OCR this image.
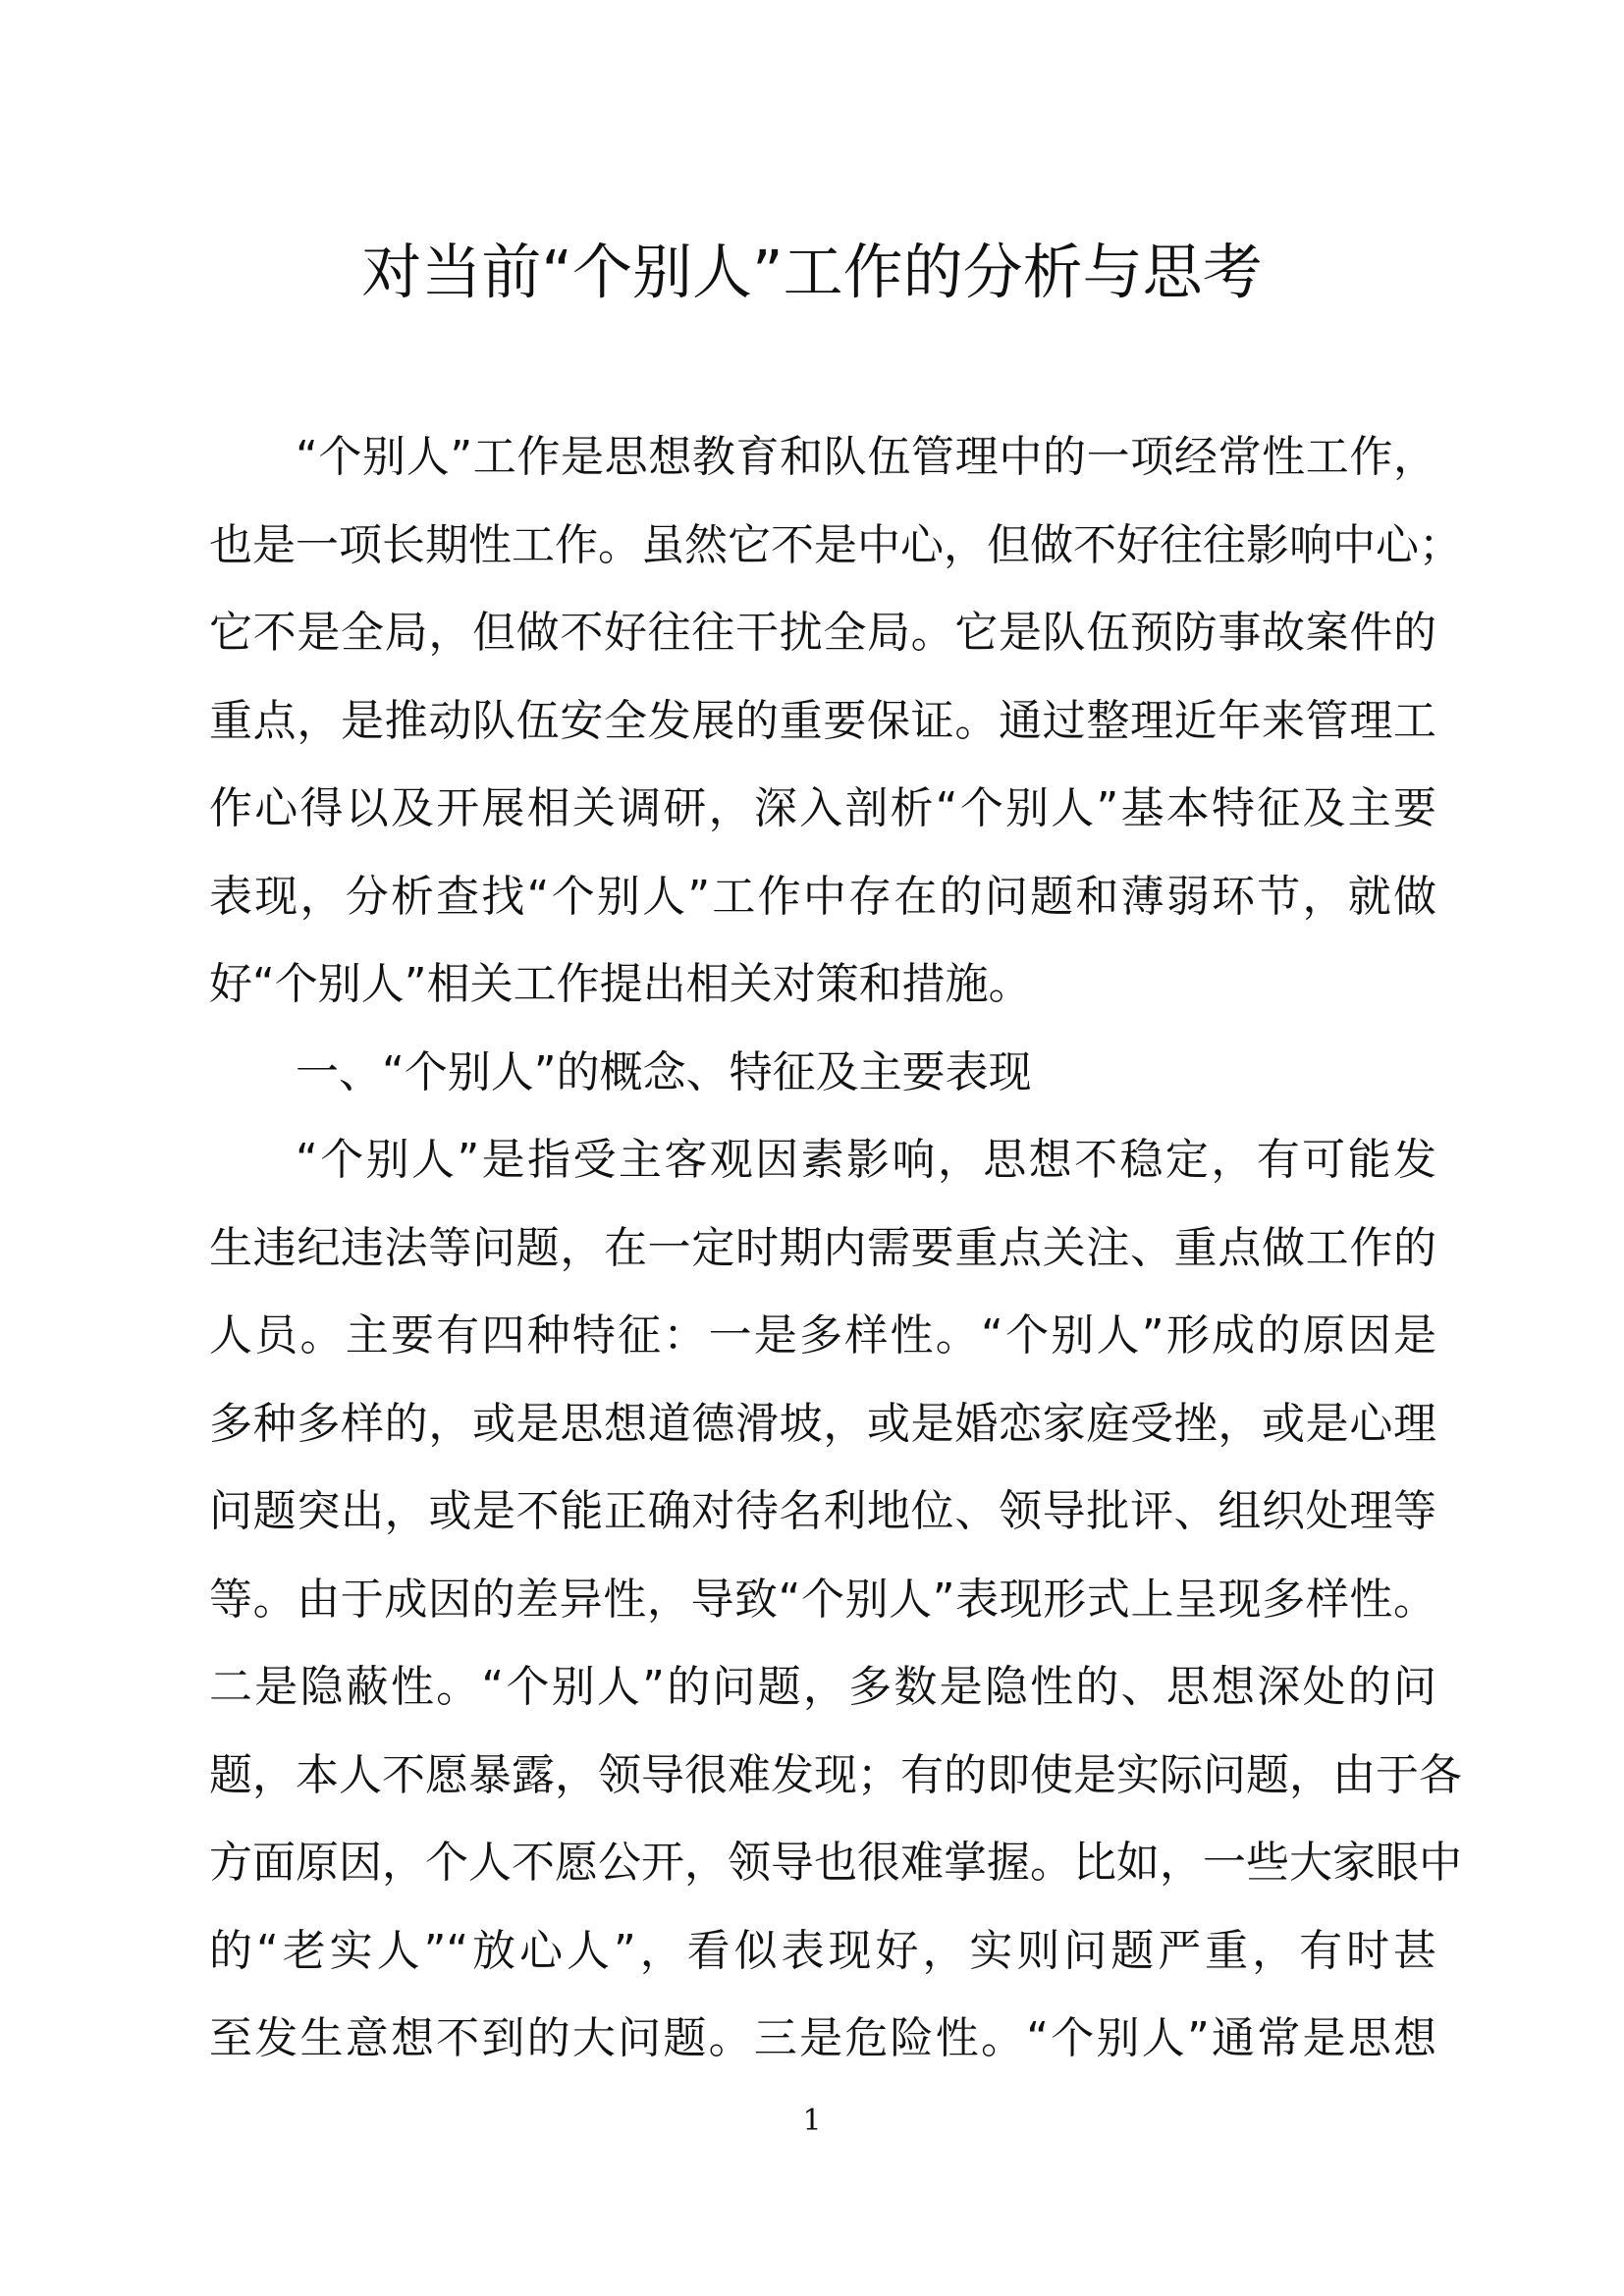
对当前“个别人”工作的分析与思考
“个别人”工作是思想教育和队伍管理中的一项经常性工作，
也是一项长期性工作。虽然它不是中心，但做不好往往影响中心；
它不是全局，但做不好往往干扰全局。它是队伍预防事故案件的
重点，是推动队伍安全发展的重要保证。通过整理近年来管理工
作心得以及开展相关调研，深入剖析“个别人”基本特征及主要
表现，分析查找“个别人”工作中存在的问题和薄弱环节，就做
好“个别人”相关工作提出相关对策和措施。
一、“个别人”的概念、特征及主要表现
“个别人”是指受主客观因素影响，思想不稳定，有可能发
生违纪违法等问题，在一定时期内需要重点关注、重点做工作的
人员。主要有四种特征：一是多样性。“个别人”形成的原因是
多种多样的，或是思想道德滑坡，或是婚恋家庭受挫，或是心理
问题突出，或是不能正确对待名利地位、领导批评、组织处理等
等。由于成因的差异性，导致“个别人”表现形式上呈现多样性。
二是隐蔽性。“个别人”的问题，多数是隐性的、思想深处的问
题，本人不愿暴露，领导很难发现；有的即使是实际问题，由于各
方面原因，个人不愿公开，领导也很难掌握。比如，一些大家眼中
的“老实人”“放心人”，看似表现好，实则问题严重，有时甚
至发生意想不到的大问题。三是危险性。“个别人”通常是思想
1
